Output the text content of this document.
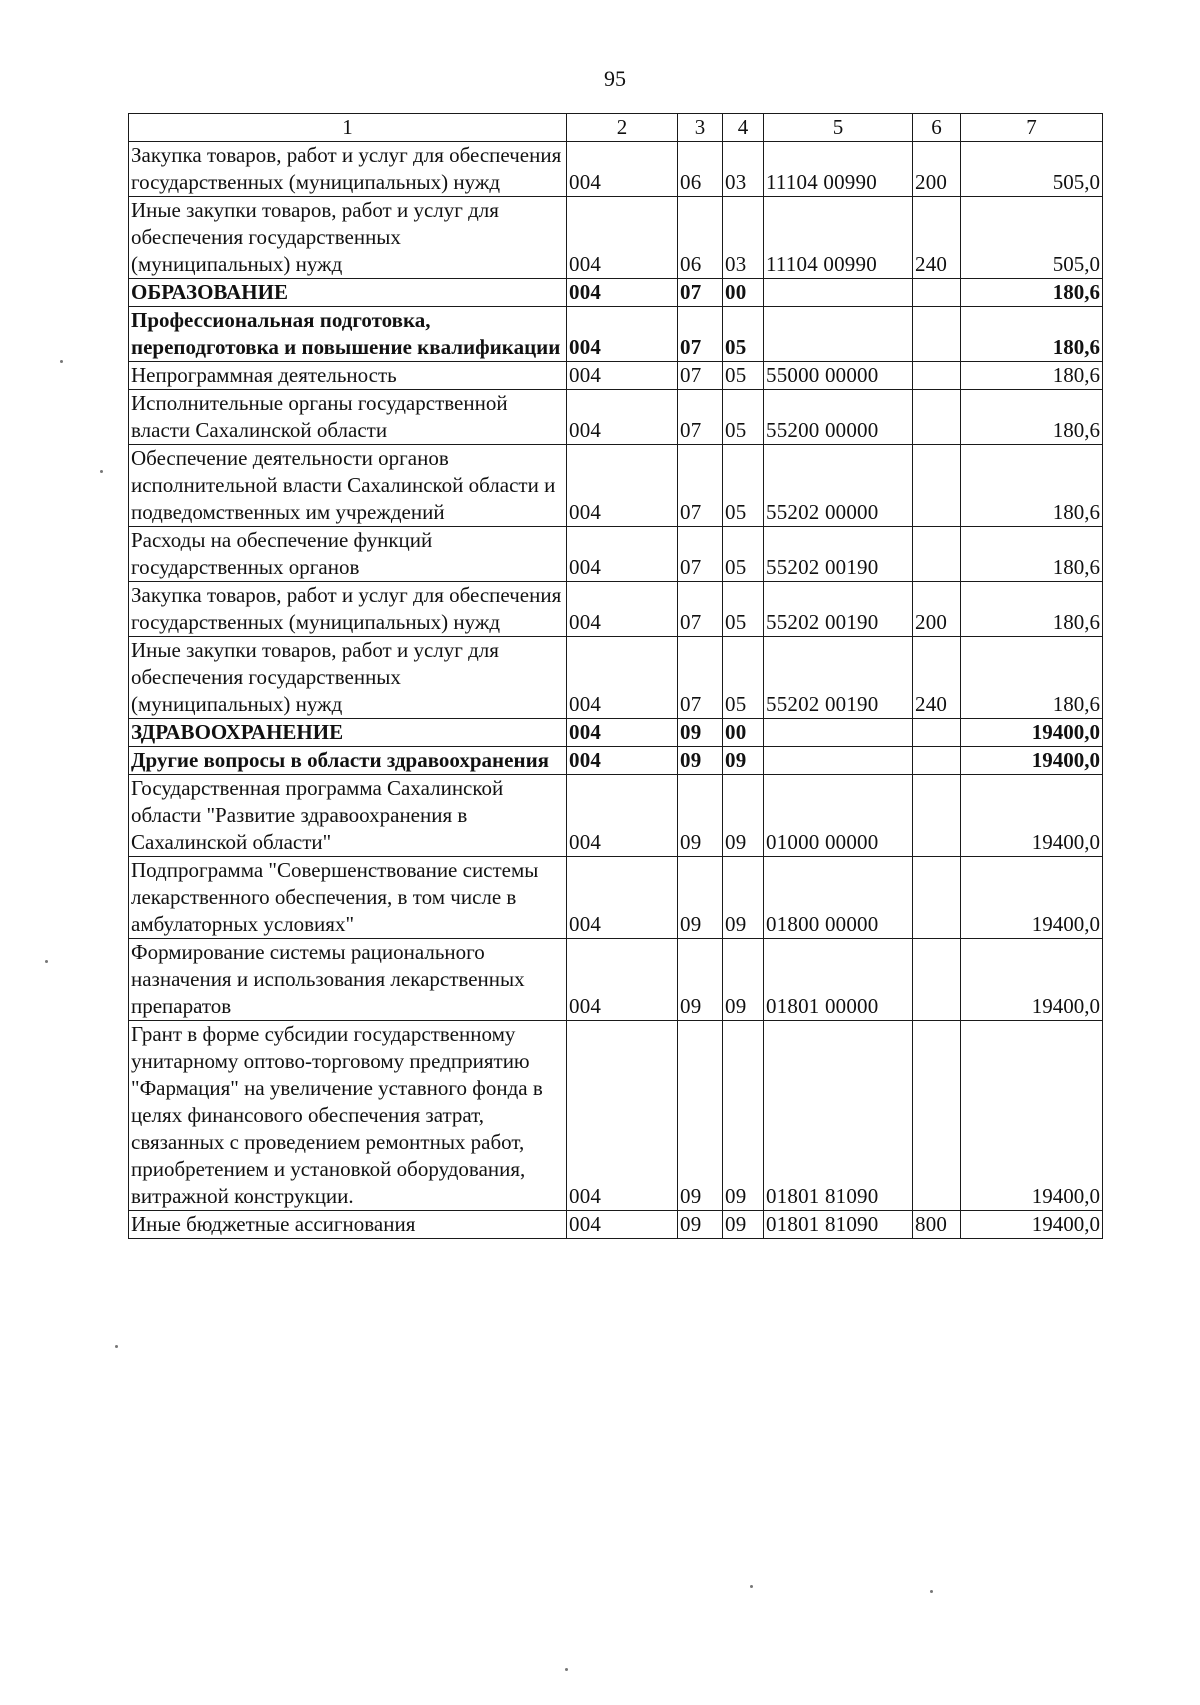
95
1	2	3	4	5	6	7
Закупка товаров, работ и услуг для обеспечения государственных (муниципальных) нужд	004	06	03	11104 00990	200	505,0
Иные закупки товаров, работ и услуг для обеспечения государственных (муниципальных) нужд	004	06	03	11104 00990	240	505,0
ОБРАЗОВАНИЕ	004	07	00			180,6
Профессиональная подготовка, переподготовка и повышение квалификации	004	07	05			180,6
Непрограммная деятельность	004	07	05	55000 00000		180,6
Исполнительные органы государственной власти Сахалинской области	004	07	05	55200 00000		180,6
Обеспечение деятельности органов исполнительной власти Сахалинской области и подведомственных им учреждений	004	07	05	55202 00000		180,6
Расходы на обеспечение функций государственных органов	004	07	05	55202 00190		180,6
Закупка товаров, работ и услуг для обеспечения государственных (муниципальных) нужд	004	07	05	55202 00190	200	180,6
Иные закупки товаров, работ и услуг для обеспечения государственных (муниципальных) нужд	004	07	05	55202 00190	240	180,6
ЗДРАВООХРАНЕНИЕ	004	09	00			19400,0
Другие вопросы в области здравоохранения	004	09	09			19400,0
Государственная программа Сахалинской области "Развитие здравоохранения в Сахалинской области"	004	09	09	01000 00000		19400,0
Подпрограмма "Совершенствование системы лекарственного обеспечения, в том числе в амбулаторных условиях"	004	09	09	01800 00000		19400,0
Формирование системы рационального назначения и использования лекарственных препаратов	004	09	09	01801 00000		19400,0
Грант в форме субсидии государственному унитарному оптово-торговому предприятию "Фармация" на увеличение уставного фонда в целях финансового обеспечения затрат, связанных с проведением ремонтных работ, приобретением и установкой оборудования, витражной конструкции.	004	09	09	01801 81090		19400,0
Иные бюджетные ассигнования	004	09	09	01801 81090	800	19400,0
